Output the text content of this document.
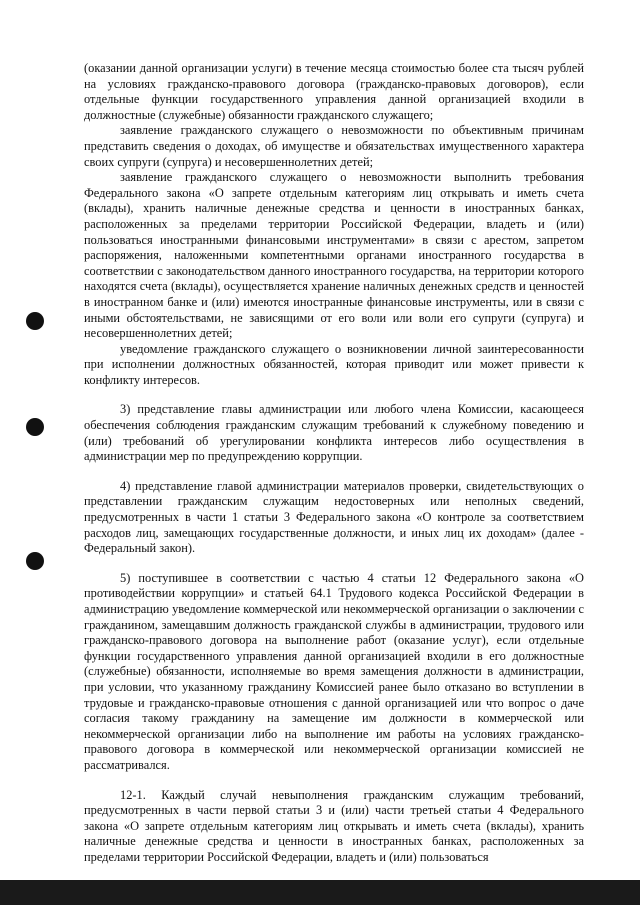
(оказании данной организации услуги) в течение месяца стоимостью более ста тысяч рублей на условиях гражданско-правового договора (гражданско-правовых договоров), если отдельные функции государственного управления данной организацией входили в должностные (служебные) обязанности гражданского служащего;

заявление гражданского служащего о невозможности по объективным причинам представить сведения о доходах, об имуществе и обязательствах имущественного характера своих супруги (супруга) и несовершеннолетних детей;

заявление гражданского служащего о невозможности выполнить требования Федерального закона «О запрете отдельным категориям лиц открывать и иметь счета (вклады), хранить наличные денежные средства и ценности в иностранных банках, расположенных за пределами территории Российской Федерации, владеть и (или) пользоваться иностранными финансовыми инструментами» в связи с арестом, запретом распоряжения, наложенными компетентными органами иностранного государства в соответствии с законодательством данного иностранного государства, на территории которого находятся счета (вклады), осуществляется хранение наличных денежных средств и ценностей в иностранном банке и (или) имеются иностранные финансовые инструменты, или в связи с иными обстоятельствами, не зависящими от его воли или воли его супруги (супруга) и несовершеннолетних детей;

уведомление гражданского служащего о возникновении личной заинтересованности при исполнении должностных обязанностей, которая приводит или может привести к конфликту интересов.

3) представление главы администрации или любого члена Комиссии, касающееся обеспечения соблюдения гражданским служащим требований к служебному поведению и (или) требований об урегулировании конфликта интересов либо осуществления в администрации мер по предупреждению коррупции.

4) представление главой администрации материалов проверки, свидетельствующих о представлении гражданским служащим недостоверных или неполных сведений, предусмотренных в части 1 статьи 3 Федерального закона «О контроле за соответствием расходов лиц, замещающих государственные должности, и иных лиц их доходам» (далее - Федеральный закон).

5) поступившее в соответствии с частью 4 статьи 12 Федерального закона «О противодействии коррупции» и статьей 64.1 Трудового кодекса Российской Федерации в администрацию уведомление коммерческой или некоммерческой организации о заключении с гражданином, замещавшим должность гражданской службы в администрации, трудового или гражданско-правового договора на выполнение работ (оказание услуг), если отдельные функции государственного управления данной организацией входили в его должностные (служебные) обязанности, исполняемые во время замещения должности в администрации, при условии, что указанному гражданину Комиссией ранее было отказано во вступлении в трудовые и гражданско-правовые отношения с данной организацией или что вопрос о даче согласия такому гражданину на замещение им должности в коммерческой или некоммерческой организации либо на выполнение им работы на условиях гражданско-правового договора в коммерческой или некоммерческой организации комиссией не рассматривался.

12-1. Каждый случай невыполнения гражданским служащим требований, предусмотренных в части первой статьи 3 и (или) части третьей статьи 4 Федерального закона «О запрете отдельным категориям лиц открывать и иметь счета (вклады), хранить наличные денежные средства и ценности в иностранных банках, расположенных за пределами территории Российской Федерации, владеть и (или) пользоваться
